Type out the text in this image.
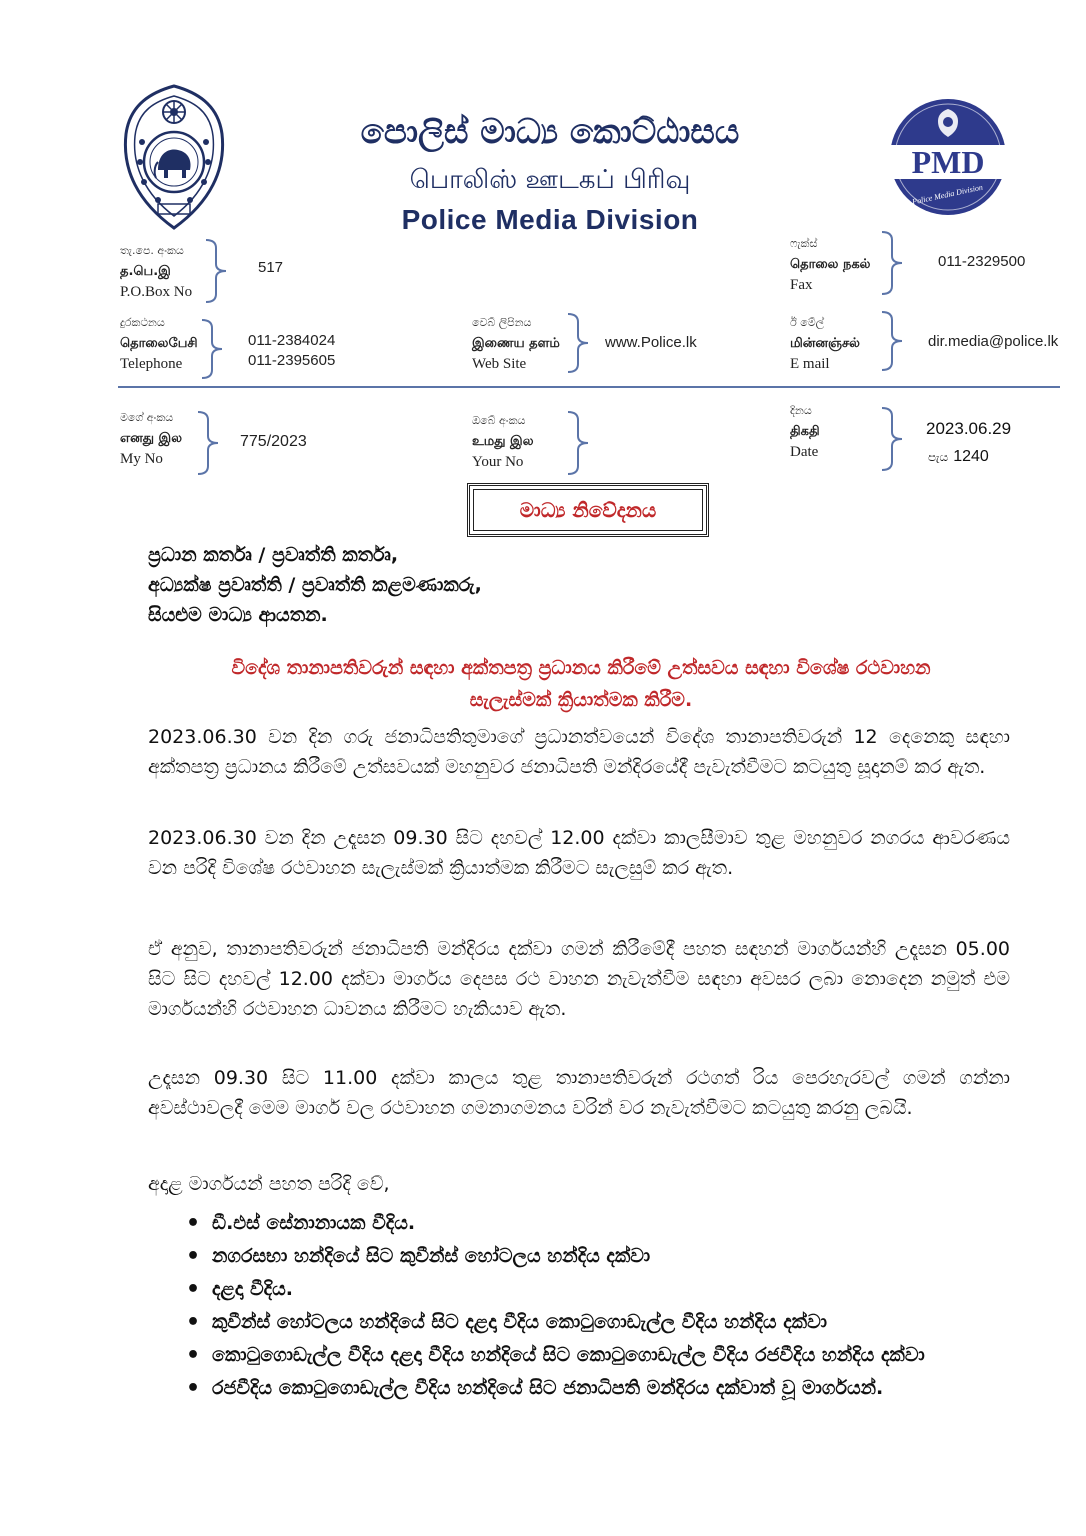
පොලිස් මාධ්‍ය කොට්ඨාසය
பொலிஸ் ஊடகப் பிரிவு
Police Media Division
PMD
Police Media Division
තැ.පෙ. අංකය
த.பெ.இ
P.O.Box No
517
ෆැක්ස්
தொலை நகல்
Fax
011-2329500
දුරකථනය
தொலைபேசி
Telephone
011-2384024
011-2395605
වෙබ් ලිපිනය
இணைய தளம்
Web Site
www.Police.lk
ඊ මේල්
மின்னஞ்சல்
E mail
dir.media@police.lk
මගේ අංකය
எனது இல
My No
775/2023
ඔබේ අංකය
உமது இல
Your No
දිනය
திகதி
Date
2023.06.29
පැය 1240
මාධ්‍ය නිවේදනය
ප්‍රධාන කර්තෘ / ප්‍රවෘත්ති කර්තෘ,
අධ්‍යක්ෂ ප්‍රවෘත්ති / ප්‍රවෘත්ති කළමණාකරු,
සියළුම මාධ්‍ය ආයතන.
විදේශ තානාපතිවරුන් සඳහා අක්තපත්‍ර ප්‍රධානය කිරීමේ උත්සවය සඳහා විශේෂ රථවාහන
සැලැස්මක් ක්‍රියාත්මක කිරීම.
2023.06.30 වන දින ගරු ජනාධිපතිතුමාගේ ප්‍රධානත්වයෙන් විදේශ තානාපතිවරුන් 12 දෙනෙකු සඳහා අක්තපත්‍ර ප්‍රධානය කිරීමේ උත්සවයක් මහනුවර ජනාධිපති මන්දිරයේදී පැවැත්වීමට කටයුතු සූදානම් කර ඇත.
2023.06.30 වන දින උදෑසන 09.30 සිට දහවල් 12.00 දක්වා කාලසීමාව තුළ මහනුවර නගරය ආවරණය වන පරිදි විශේෂ රථවාහන සැලැස්මක් ක්‍රියාත්මක කිරීමට සැලසුම් කර ඇත.
ඒ අනුව, තානාපතිවරුන් ජනාධිපති මන්දිරය දක්වා ගමන් කිරීමේදී පහත සඳහන් මාර්ගයන්හි උදෑසන 05.00 සිට සිට දහවල් 12.00 දක්වා මාර්ගය දෙපස රථ වාහන නැවැත්වීම සඳහා අවසර ලබා නොදෙන නමුත් එම මාර්ගයන්හි රථවාහන ධාවනය කිරීමට හැකියාව ඇත.
උදෑසන 09.30 සිට 11.00 දක්වා කාලය තුළ තානාපතිවරුන් රථගත් රිය පෙරහැරවල් ගමන් ගන්නා අවස්ථාවලදී මෙම මාර්ග වල රථවාහන ගමනාගමනය වරින් වර නැවැත්වීමට කටයුතු කරනු ලබයි.
අදාළ මාර්ගයන් පහත පරිදි වේ,
• ඩී.එස් සේනානායක වීදිය.
• නගරසභා හන්දියේ සිට කුවීන්ස් හෝටලය හන්දිය දක්වා
• දළදා වීදිය.
• කුවීන්ස් හෝටලය හන්දියේ සිට දළදා වීදිය කොටුගොඩැල්ල වීදිය හන්දිය දක්වා
• කොටුගොඩැල්ල වීදිය දළදා වීදිය හන්දියේ සිට කොටුගොඩැල්ල වීදිය රජවීදිය හන්දිය දක්වා
• රජවීදිය කොටුගොඩැල්ල වීදිය හන්දියේ සිට ජනාධිපති මන්දිරය දක්වාත් වූ මාර්ගයන්.
